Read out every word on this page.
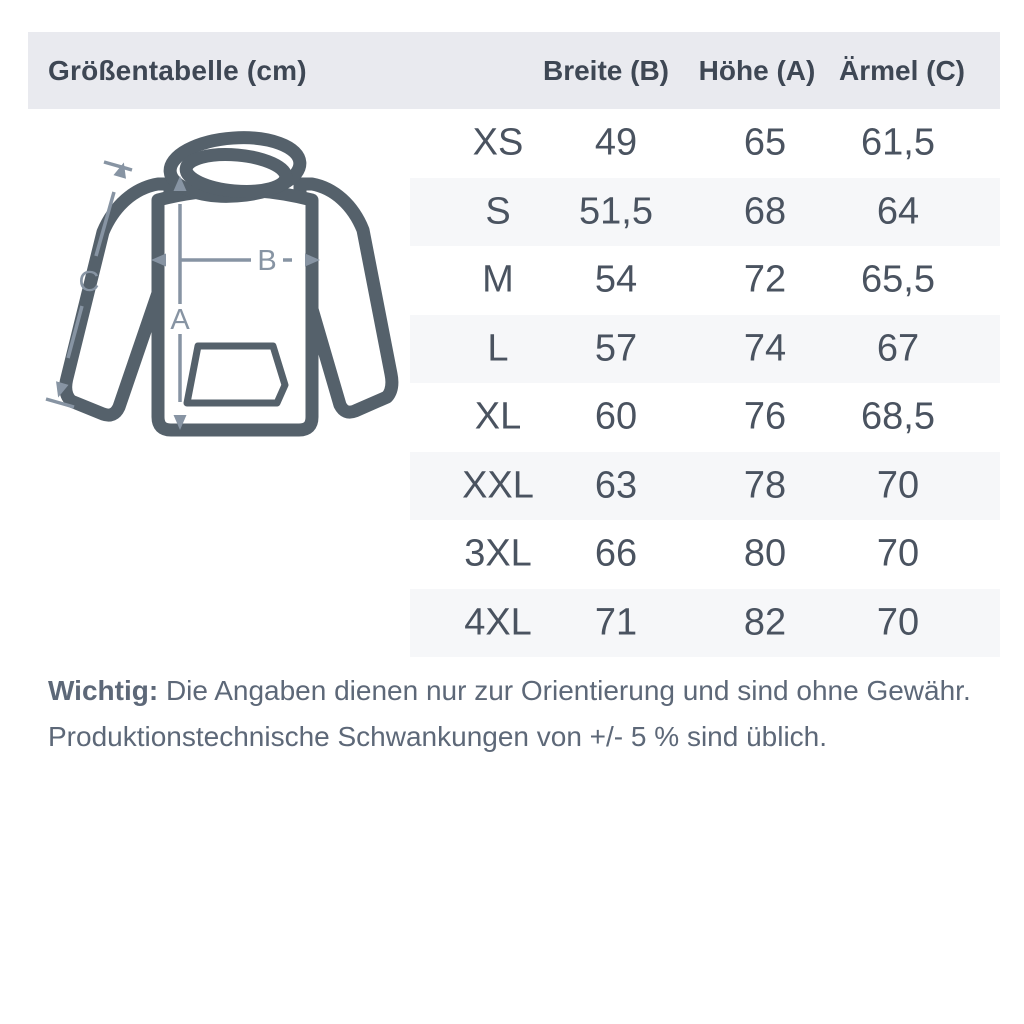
Größentabelle (cm)	Breite (B) Höhe (A) Ärmel (C)
A
B
C
XS 49	65 61,5
S 51,5 68 64
M 54	72 65,5
L 57	74 67
XL 60	76 68,5
XXL 63	78 70
3XL 66	80 70
4XL 71	82 70
Wichtig: Die Angaben dienen nur zur Orientierung und sind ohne Gewähr.
Produktionstechnische Schwankungen von +/- 5 % sind üblich.
